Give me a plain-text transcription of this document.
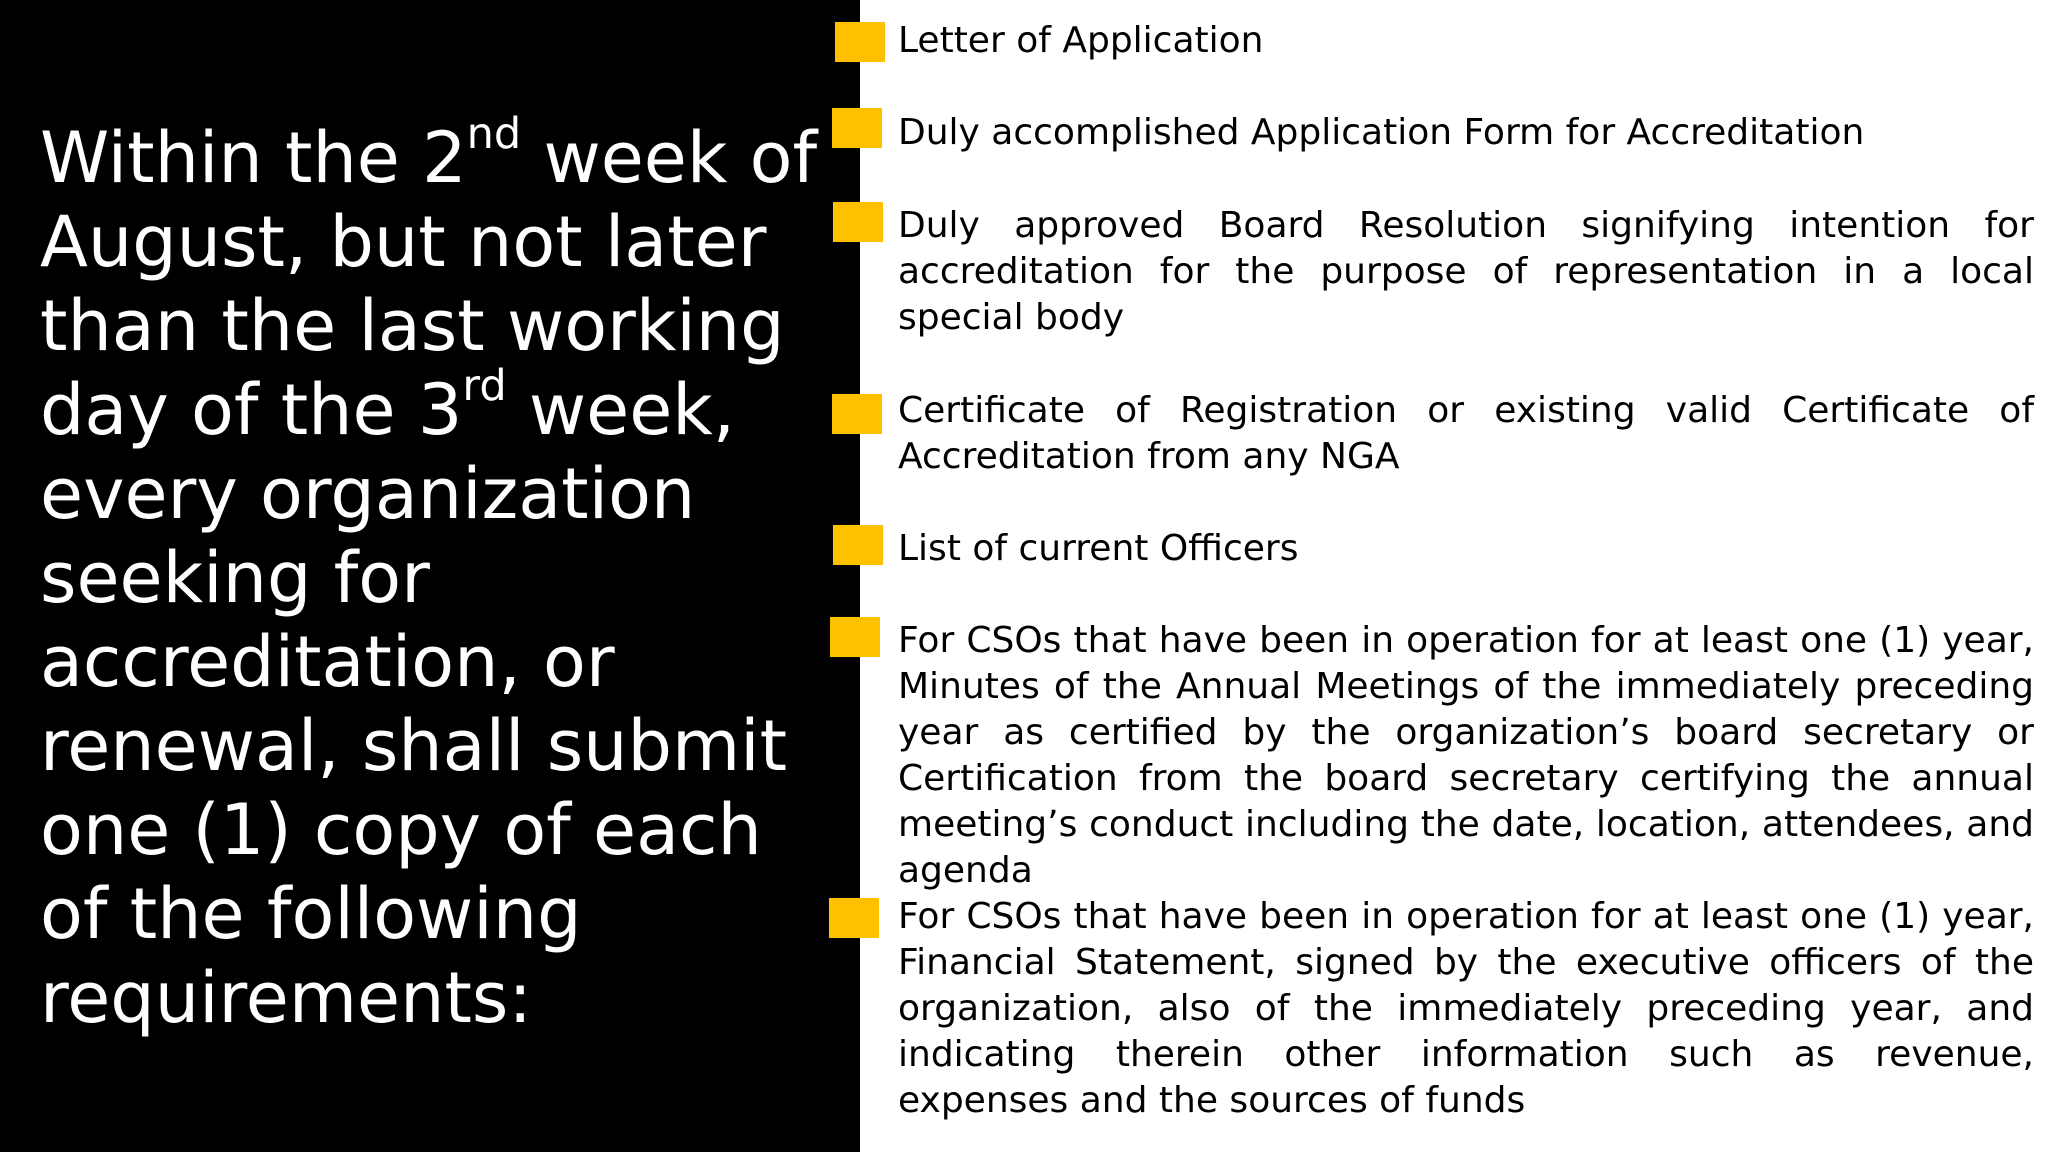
Within the 2nd week of August, but not later than the last working day of the 3rd week, every organization seeking for accreditation, or renewal, shall submit one (1) copy of each of the following requirements:

Letter of Application

Duly accomplished Application Form for Accreditation

Duly approved Board Resolution signifying intention for accreditation for the purpose of representation in a local special body

Certificate of Registration or existing valid Certificate of Accreditation from any NGA

List of current Officers

For CSOs that have been in operation for at least one (1) year, Minutes of the Annual Meetings of the immediately preceding year as certified by the organization’s board secretary or Certification from the board secretary certifying the annual meeting’s conduct including the date, location, attendees, and agenda

For CSOs that have been in operation for at least one (1) year, Financial Statement, signed by the executive officers of the organization, also of the immediately preceding year, and indicating therein other information such as revenue, expenses and the sources of funds
